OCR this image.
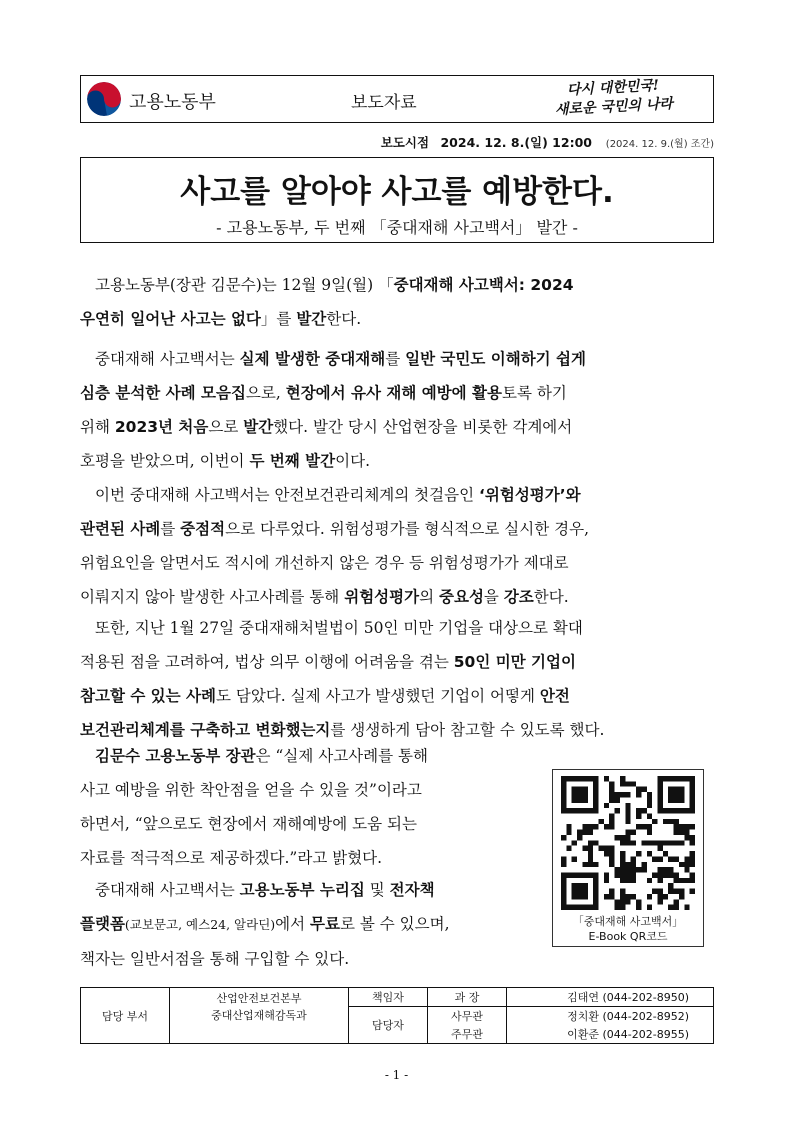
고용노동부	보도자료
다시 대한민국!
새로운 국민의 나라
보도시점 2024. 12. 8.(일) 12:00 (2024. 12. 9.(월) 조간)
사고를 알아야 사고를 예방한다.
- 고용노동부, 두 번째 「중대재해 사고백서」 발간 -
고용노동부(장관 김문수)는 12월 9일(월) 「중대재해 사고백서: 2024
우연히 일어난 사고는 없다」를 발간한다.
중대재해 사고백서는 실제 발생한 중대재해를 일반 국민도 이해하기 쉽게
심층 분석한 사례 모음집으로, 현장에서 유사 재해 예방에 활용토록 하기
위해 2023년 처음으로 발간했다. 발간 당시 산업현장을 비롯한 각계에서
호평을 받았으며, 이번이 두 번째 발간이다.
이번 중대재해 사고백서는 안전보건관리체계의 첫걸음인 ‘위험성평가’와
관련된 사례를 중점적으로 다루었다. 위험성평가를 형식적으로 실시한 경우,
위험요인을 알면서도 적시에 개선하지 않은 경우 등 위험성평가가 제대로
이뤄지지 않아 발생한 사고사례를 통해 위험성평가의 중요성을 강조한다.
또한, 지난 1월 27일 중대재해처벌법이 50인 미만 기업을 대상으로 확대
적용된 점을 고려하여, 법상 의무 이행에 어려움을 겪는 50인 미만 기업이
참고할 수 있는 사례도 담았다. 실제 사고가 발생했던 기업이 어떻게 안전
보건관리체계를 구축하고 변화했는지를 생생하게 담아 참고할 수 있도록 했다.
김문수 고용노동부 장관은 “실제 사고사례를 통해
사고 예방을 위한 착안점을 얻을 수 있을 것”이라고
하면서, “앞으로도 현장에서 재해예방에 도움 되는
자료를 적극적으로 제공하겠다.”라고 밝혔다.
중대재해 사고백서는 고용노동부 누리집 및 전자책
플랫폼(교보문고, 예스24, 알라딘)에서 무료로 볼 수 있으며,
책자는 일반서점을 통해 구입할 수 있다.
「중대재해 사고백서」
E-Book QR코드
담당 부서	산업안전보건본부
중대산업재해감독과	책임자	과 장	김태연 (044-202-8950)
		담당자	사무관	정치환 (044-202-8952)
			주무관	이환준 (044-202-8955)
- 1 -
